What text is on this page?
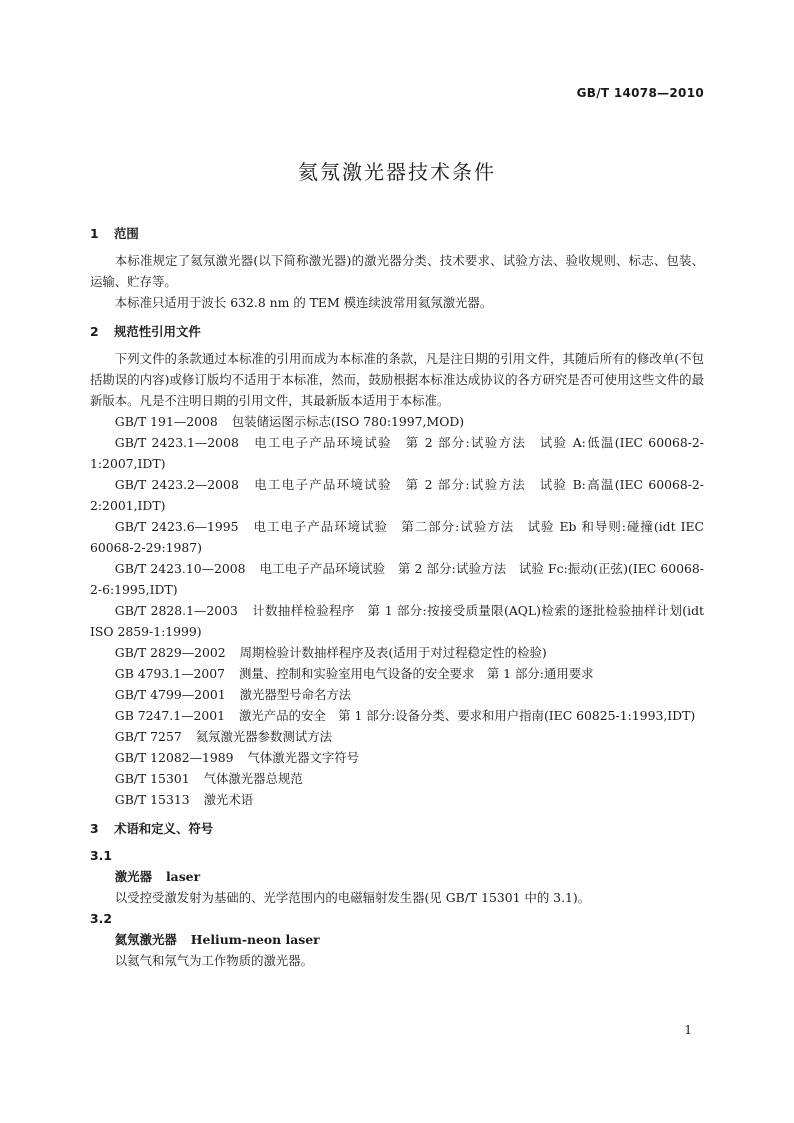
GB/T 14078—2010
氦氖激光器技术条件
1 范围

本标准规定了氦氖激光器(以下简称激光器)的激光器分类、技术要求、试验方法、验收规则、标志、包装、运输、贮存等。

本标准只适用于波长 632.8 nm 的 TEM 模连续波常用氦氖激光器。

2 规范性引用文件

下列文件的条款通过本标准的引用而成为本标准的条款，凡是注日期的引用文件，其随后所有的修改单(不包括勘误的内容)或修订版均不适用于本标准，然而，鼓励根据本标准达成协议的各方研究是否可使用这些文件的最新版本。凡是不注明日期的引用文件，其最新版本适用于本标准。

GB/T 191—2008 包装储运图示标志(ISO 780:1997,MOD)

GB/T 2423.1—2008 电工电子产品环境试验　第 2 部分:试验方法　试验 A:低温(IEC 60068-2-1:2007,IDT)

GB/T 2423.2—2008 电工电子产品环境试验　第 2 部分:试验方法　试验 B:高温(IEC 60068-2-2:2001,IDT)

GB/T 2423.6—1995 电工电子产品环境试验　第二部分:试验方法　试验 Eb 和导则:碰撞(idt IEC 60068-2-29:1987)

GB/T 2423.10—2008 电工电子产品环境试验　第 2 部分:试验方法　试验 Fc:振动(正弦)(IEC 60068-2-6:1995,IDT)

GB/T 2828.1—2003 计数抽样检验程序　第 1 部分:按接受质量限(AQL)检索的逐批检验抽样计划(idt ISO 2859-1:1999)

GB/T 2829—2002 周期检验计数抽样程序及表(适用于对过程稳定性的检验)

GB 4793.1—2007 测量、控制和实验室用电气设备的安全要求　第 1 部分:通用要求

GB/T 4799—2001 激光器型号命名方法

GB 7247.1—2001 激光产品的安全　第 1 部分:设备分类、要求和用户指南(IEC 60825-1:1993,IDT)

GB/T 7257 氦氖激光器参数测试方法

GB/T 12082—1989 气体激光器文字符号

GB/T 15301 气体激光器总规范

GB/T 15313 激光术语

3 术语和定义、符号

3.1

激光器 laser

以受控受激发射为基础的、光学范围内的电磁辐射发生器(见 GB/T 15301 中的 3.1)。

3.2

氦氖激光器 Helium-neon laser

以氦气和氖气为工作物质的激光器。

1
